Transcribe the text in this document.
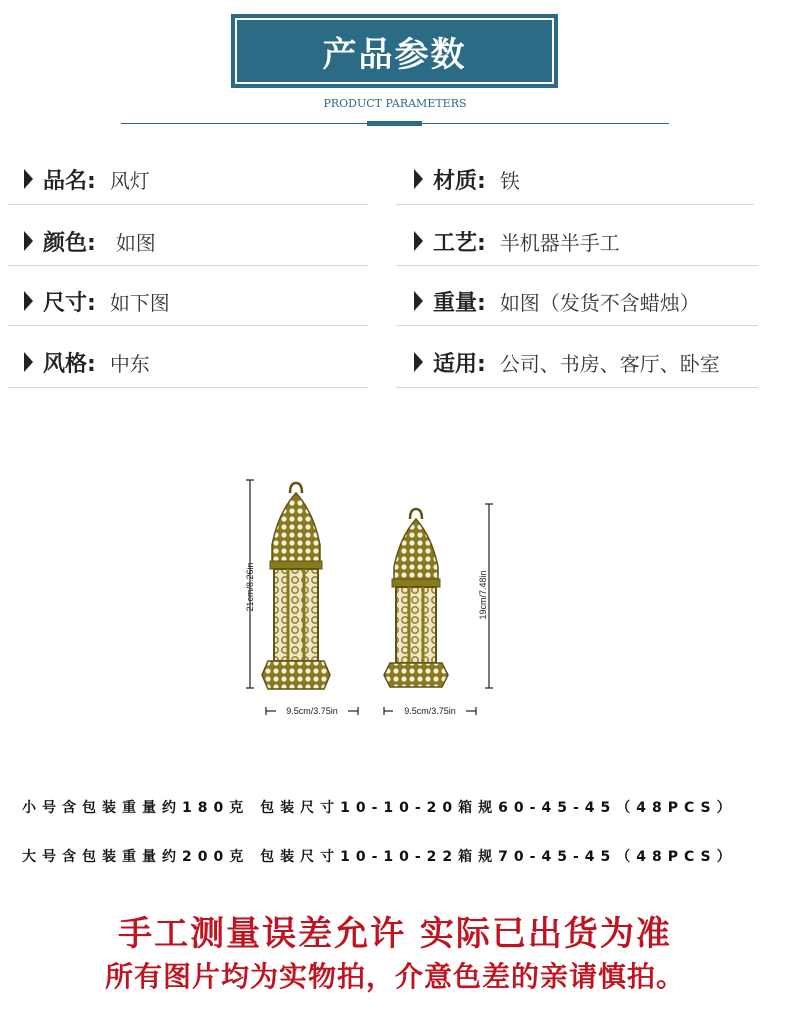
产品参数
PRODUCT PARAMETERS
品名: 风灯
颜色: 如图
尺寸: 如下图
风格: 中东
材质: 铁
工艺: 半机器半手工
重量: 如图（发货不含蜡烛）
适用: 公司、书房、客厅、卧室
21cm/8.26in	19cm/7.48in
9.5cm/3.75in	9.5cm/3.75in
小号含包装重量约180克 包装尺寸10-10-20箱规60-45-45（48PCS）
大号含包装重量约200克 包装尺寸10-10-22箱规70-45-45（48PCS）
手工测量误差允许 实际已出货为准
所有图片均为实物拍，介意色差的亲请慎拍。
